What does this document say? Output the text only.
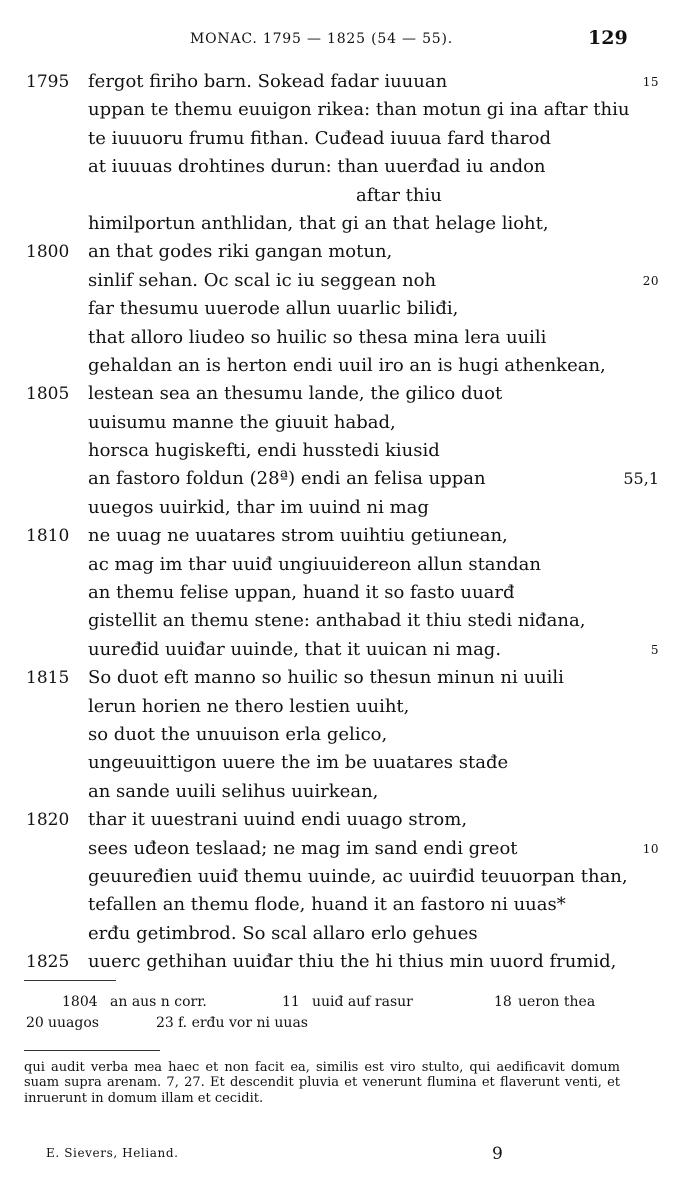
MONAC. 1795 — 1825 (54 — 55).	129
1795 fergot firiho barn. Sokead fadar iuuuan	15
uppan te themu euuigon rikea: than motun gi ina aftar thiu
te iuuuoru frumu fithan. Cuđead iuuua fard tharod
at iuuuas drohtines durun: than uuerđad iu andon
aftar thiu
himilportun anthlidan, that gi an that helage lioht,
1800 an that godes riki gangan motun,
sinlif sehan. Oc scal ic iu seggean noh	20
far thesumu uuerode allun uuarlic biliđi,
that alloro liudeo so huilic so thesa mina lera uuili
gehaldan an is herton endi uuil iro an is hugi athenkean,
1805 lestean sea an thesumu lande, the gilico duot
uuisumu manne the giuuit habad,
horsca hugiskefti, endi husstedi kiusid
an fastoro foldun (28ª) endi an felisa uppan	55,1
uuegos uuirkid, thar im uuind ni mag
1810 ne uuag ne uuatares strom uuihtiu getiunean,
ac mag im thar uuiđ ungiuuidereon allun standan
an themu felise uppan, huand it so fasto uuarđ
gistellit an themu stene: anthabad it thiu stedi niđana,
uuređid uuiđar uuinde, that it uuican ni mag.	5
1815 So duot eft manno so huilic so thesun minun ni uuili
lerun horien ne thero lestien uuiht,
so duot the unuuison erla gelico,
ungeuuittigon uuere the im be uuatares stađe
an sande uuili selihus uuirkean,
1820 thar it uuestrani uuind endi uuago strom,
sees uđeon teslaad; ne mag im sand endi greot	10
geuuređien uuiđ themu uuinde, ac uuirđid teuuorpan than,
tefallen an themu flode, huand it an fastoro ni uuas*
erđu getimbrod. So scal allaro erlo gehues
1825 uuerc gethihan uuiđar thiu the hi thius min uuord frumid,
1804 an aus n corr.	11 uuiđ auf rasur	18 ueron thea
20 uuagos	23 f. erđu vor ni uuas
qui audit verba mea haec et non facit ea, similis est viro stulto, qui aedificavit domum suam supra arenam. 7, 27. Et descendit pluvia et venerunt flumina et flaverunt venti, et inruerunt in domum illam et cecidit.
E. Sievers, Heliand.	9
